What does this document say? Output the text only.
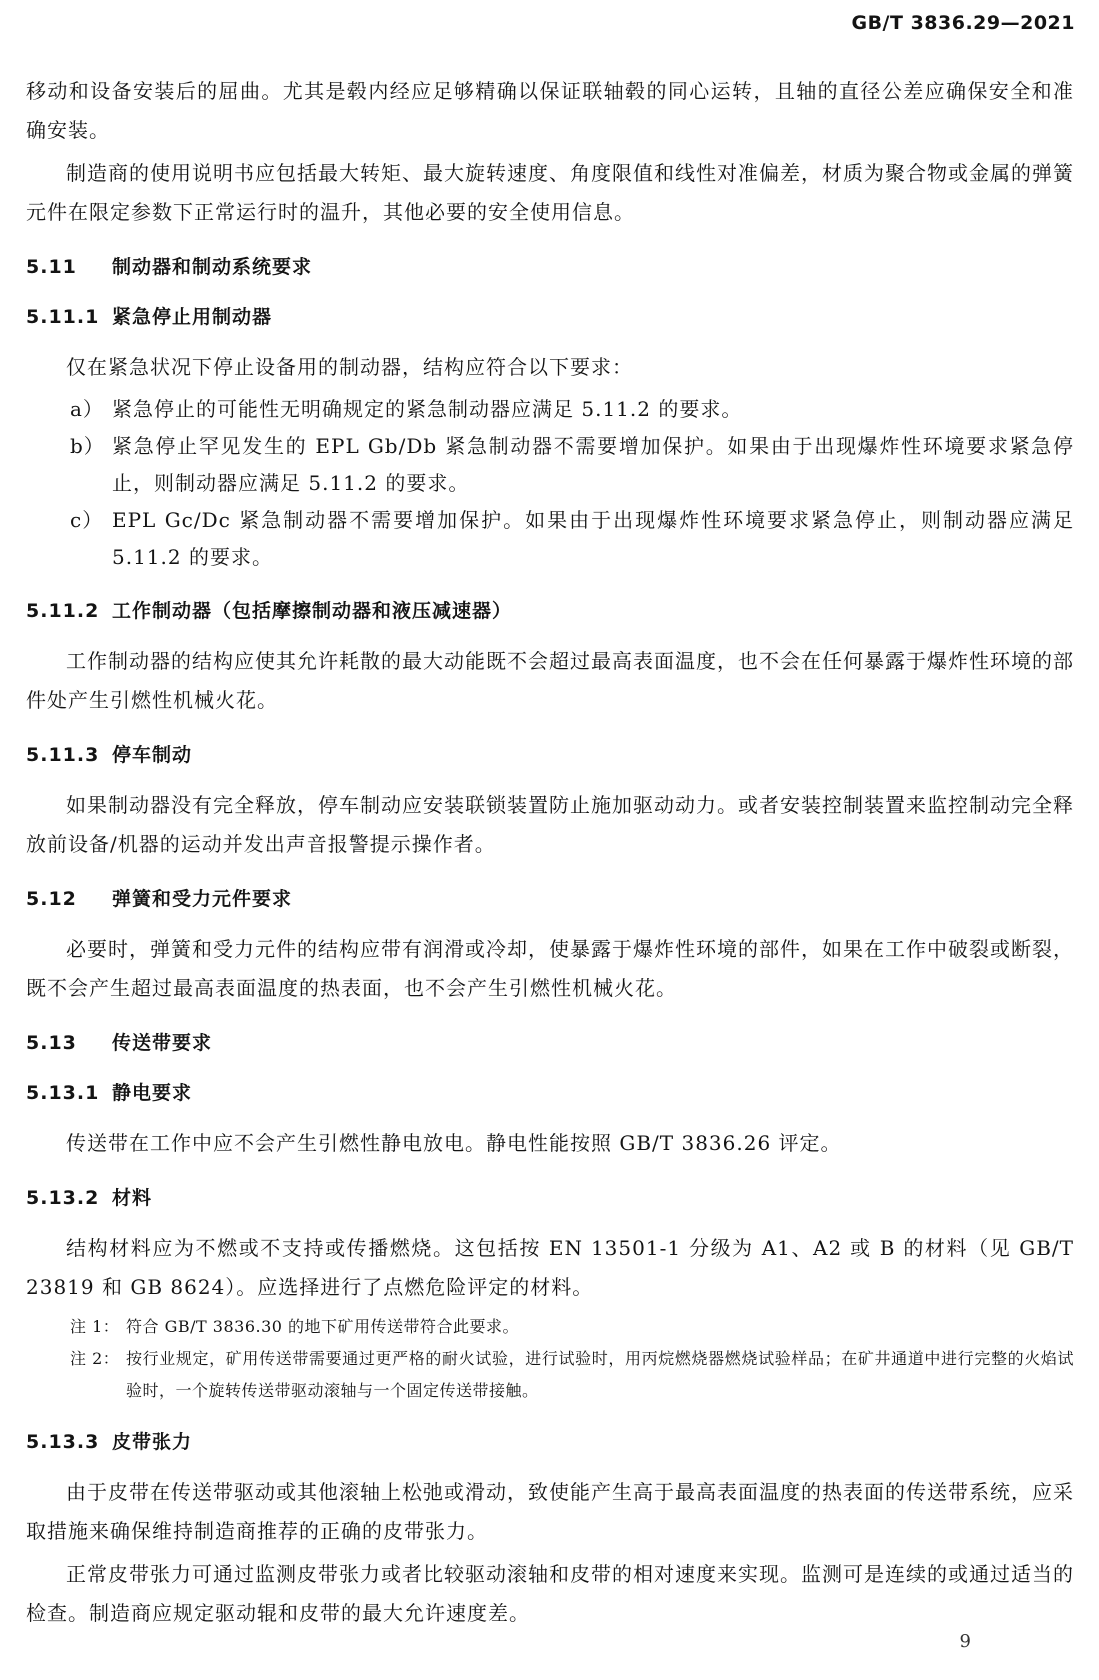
GB/T 3836.29—2021

移动和设备安装后的屈曲。尤其是毂内经应足够精确以保证联轴毂的同心运转，且轴的直径公差应确保安全和准确安装。

制造商的使用说明书应包括最大转矩、最大旋转速度、角度限值和线性对准偏差，材质为聚合物或金属的弹簧元件在限定参数下正常运行时的温升，其他必要的安全使用信息。

5.11 制动器和制动系统要求
5.11.1 紧急停止用制动器

仅在紧急状况下停止设备用的制动器，结构应符合以下要求：

a） 紧急停止的可能性无明确规定的紧急制动器应满足 5.11.2 的要求。
b） 紧急停止罕见发生的 EPL Gb/Db 紧急制动器不需要增加保护。如果由于出现爆炸性环境要求紧急停止，则制动器应满足 5.11.2 的要求。
c） EPL Gc/Dc 紧急制动器不需要增加保护。如果由于出现爆炸性环境要求紧急停止，则制动器应满足 5.11.2 的要求。
5.11.2 工作制动器（包括摩擦制动器和液压减速器）

工作制动器的结构应使其允许耗散的最大动能既不会超过最高表面温度，也不会在任何暴露于爆炸性环境的部件处产生引燃性机械火花。

5.11.3 停车制动

如果制动器没有完全释放，停车制动应安装联锁装置防止施加驱动动力。或者安装控制装置来监控制动完全释放前设备/机器的运动并发出声音报警提示操作者。

5.12 弹簧和受力元件要求

必要时，弹簧和受力元件的结构应带有润滑或冷却，使暴露于爆炸性环境的部件，如果在工作中破裂或断裂，既不会产生超过最高表面温度的热表面，也不会产生引燃性机械火花。

5.13 传送带要求
5.13.1 静电要求

传送带在工作中应不会产生引燃性静电放电。静电性能按照 GB/T 3836.26 评定。

5.13.2 材料

结构材料应为不燃或不支持或传播燃烧。这包括按 EN 13501-1 分级为 A1、A2 或 B 的材料（见 GB/T 23819 和 GB 8624）。应选择进行了点燃危险评定的材料。

注 1： 符合 GB/T 3836.30 的地下矿用传送带符合此要求。
注 2： 按行业规定，矿用传送带需要通过更严格的耐火试验，进行试验时，用丙烷燃烧器燃烧试验样品；在矿井通道中进行完整的火焰试验时，一个旋转传送带驱动滚轴与一个固定传送带接触。
5.13.3 皮带张力

由于皮带在传送带驱动或其他滚轴上松弛或滑动，致使能产生高于最高表面温度的热表面的传送带系统，应采取措施来确保维持制造商推荐的正确的皮带张力。

正常皮带张力可通过监测皮带张力或者比较驱动滚轴和皮带的相对速度来实现。监测可是连续的或通过适当的检查。制造商应规定驱动辊和皮带的最大允许速度差。

9
